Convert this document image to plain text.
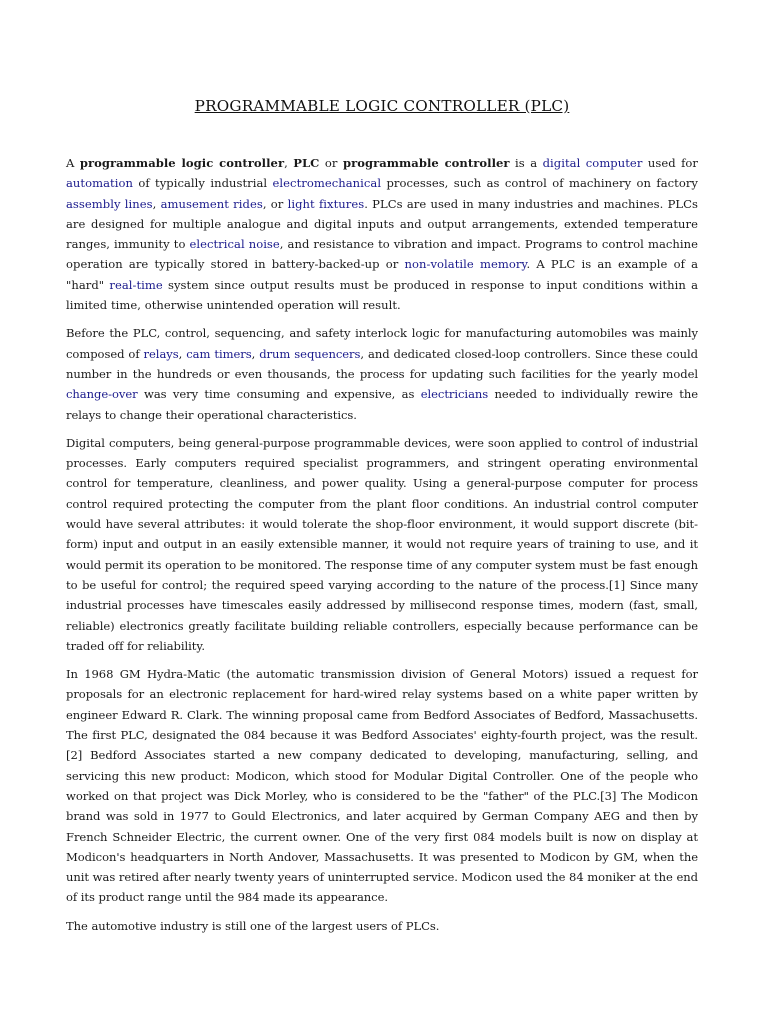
PROGRAMMABLE LOGIC CONTROLLER (PLC)

A programmable logic controller, PLC or programmable controller is a digital computer used for automation of typically industrial electromechanical processes, such as control of machinery on factory assembly lines, amusement rides, or light fixtures. PLCs are used in many industries and machines. PLCs are designed for multiple analogue and digital inputs and output arrangements, extended temperature ranges, immunity to electrical noise, and resistance to vibration and impact. Programs to control machine operation are typically stored in battery-backed-up or non-volatile memory. A PLC is an example of a "hard" real-time system since output results must be produced in response to input conditions within a limited time, otherwise unintended operation will result.

Before the PLC, control, sequencing, and safety interlock logic for manufacturing automobiles was mainly composed of relays, cam timers, drum sequencers, and dedicated closed-loop controllers. Since these could number in the hundreds or even thousands, the process for updating such facilities for the yearly model change-over was very time consuming and expensive, as electricians needed to individually rewire the relays to change their operational characteristics.

Digital computers, being general-purpose programmable devices, were soon applied to control of industrial processes. Early computers required specialist programmers, and stringent operating environmental control for temperature, cleanliness, and power quality. Using a general-purpose computer for process control required protecting the computer from the plant floor conditions. An industrial control computer would have several attributes: it would tolerate the shop-floor environment, it would support discrete (bit-form) input and output in an easily extensible manner, it would not require years of training to use, and it would permit its operation to be monitored. The response time of any computer system must be fast enough to be useful for control; the required speed varying according to the nature of the process.[1] Since many industrial processes have timescales easily addressed by millisecond response times, modern (fast, small, reliable) electronics greatly facilitate building reliable controllers, especially because performance can be traded off for reliability.

In 1968 GM Hydra-Matic (the automatic transmission division of General Motors) issued a request for proposals for an electronic replacement for hard-wired relay systems based on a white paper written by engineer Edward R. Clark. The winning proposal came from Bedford Associates of Bedford, Massachusetts. The first PLC, designated the 084 because it was Bedford Associates' eighty-fourth project, was the result.[2] Bedford Associates started a new company dedicated to developing, manufacturing, selling, and servicing this new product: Modicon, which stood for Modular Digital Controller. One of the people who worked on that project was Dick Morley, who is considered to be the "father" of the PLC.[3] The Modicon brand was sold in 1977 to Gould Electronics, and later acquired by German Company AEG and then by French Schneider Electric, the current owner. One of the very first 084 models built is now on display at Modicon's headquarters in North Andover, Massachusetts. It was presented to Modicon by GM, when the unit was retired after nearly twenty years of uninterrupted service. Modicon used the 84 moniker at the end of its product range until the 984 made its appearance.

The automotive industry is still one of the largest users of PLCs.
